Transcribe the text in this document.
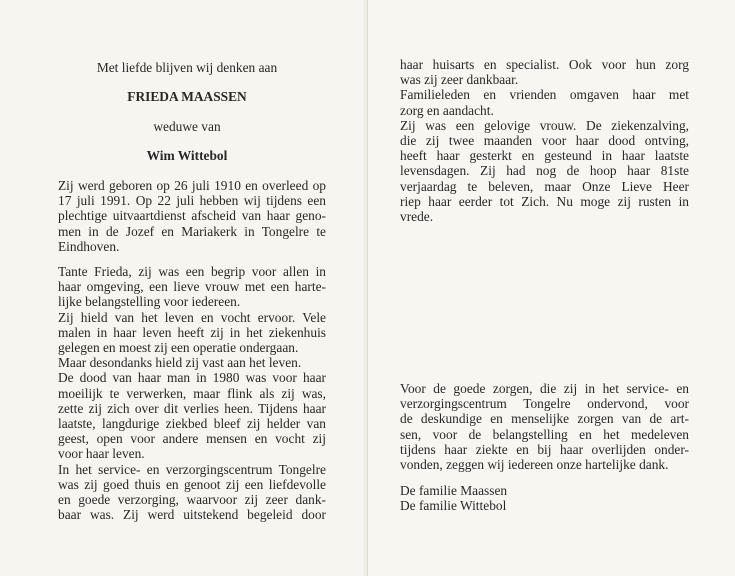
Met liefde blijven wij denken aan
FRIEDA MAASSEN
weduwe van
Wim Wittebol
Zij werd geboren op 26 juli 1910 en overleed op
17 juli 1991. Op 22 juli hebben wij tijdens een
plechtige uitvaartdienst afscheid van haar geno-
men in de Jozef en Mariakerk in Tongelre te
Eindhoven.
Tante Frieda, zij was een begrip voor allen in
haar omgeving, een lieve vrouw met een harte-
lijke belangstelling voor iedereen.
Zij hield van het leven en vocht ervoor. Vele
malen in haar leven heeft zij in het ziekenhuis
gelegen en moest zij een operatie ondergaan.
Maar desondanks hield zij vast aan het leven.
De dood van haar man in 1980 was voor haar
moeilijk te verwerken, maar flink als zij was,
zette zij zich over dit verlies heen. Tijdens haar
laatste, langdurige ziekbed bleef zij helder van
geest, open voor andere mensen en vocht zij
voor haar leven.
In het service- en verzorgingscentrum Tongelre
was zij goed thuis en genoot zij een liefdevolle
en goede verzorging, waarvoor zij zeer dank-
baar was. Zij werd uitstekend begeleid door
haar huisarts en specialist. Ook voor hun zorg
was zij zeer dankbaar.
Familieleden en vrienden omgaven haar met
zorg en aandacht.
Zij was een gelovige vrouw. De ziekenzalving,
die zij twee maanden voor haar dood ontving,
heeft haar gesterkt en gesteund in haar laatste
levensdagen. Zij had nog de hoop haar 81ste
verjaardag te beleven, maar Onze Lieve Heer
riep haar eerder tot Zich. Nu moge zij rusten in
vrede.
Voor de goede zorgen, die zij in het service- en
verzorgingscentrum Tongelre ondervond, voor
de deskundige en menselijke zorgen van de art-
sen, voor de belangstelling en het medeleven
tijdens haar ziekte en bij haar overlijden onder-
vonden, zeggen wij iedereen onze hartelijke dank.
De familie Maassen
De familie Wittebol
